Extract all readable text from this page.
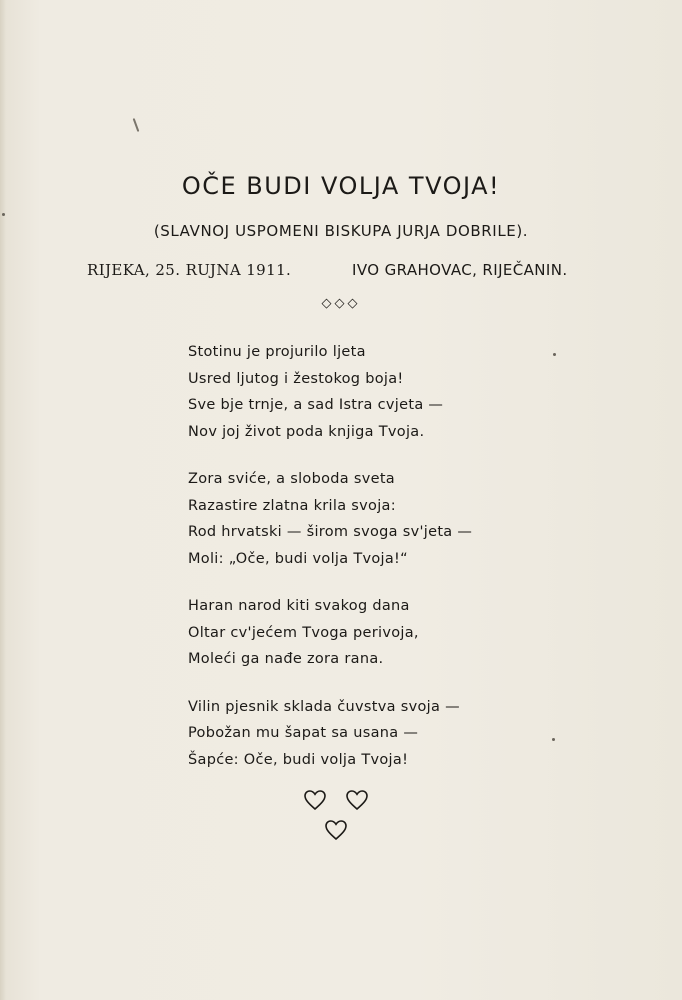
OČE BUDI VOLJA TVOJA!
(SLAVNOJ USPOMENI BISKUPA JURJA DOBRILE).
RIJEKA, 25. RUJNA 1911.	IVO GRAHOVAC, RIJEČANIN.
◇◇◇
Stotinu je projurilo ljeta
Usred ljutog i žestokog boja!
Sve bje trnje, a sad Istra cvjeta —
Nov joj život poda knjiga Tvoja.
Zora sviće, a sloboda sveta
Razastire zlatna krila svoja:
Rod hrvatski — širom svoga sv'jeta —
Moli: „Oče, budi volja Tvoja!“
Haran narod kiti svakog dana
Oltar cv'jećem Tvoga perivoja,
Moleći ga nađe zora rana.
Vilin pjesnik sklada čuvstva svoja —
Pobožan mu šapat sa usana —
Šapće: Oče, budi volja Tvoja!
